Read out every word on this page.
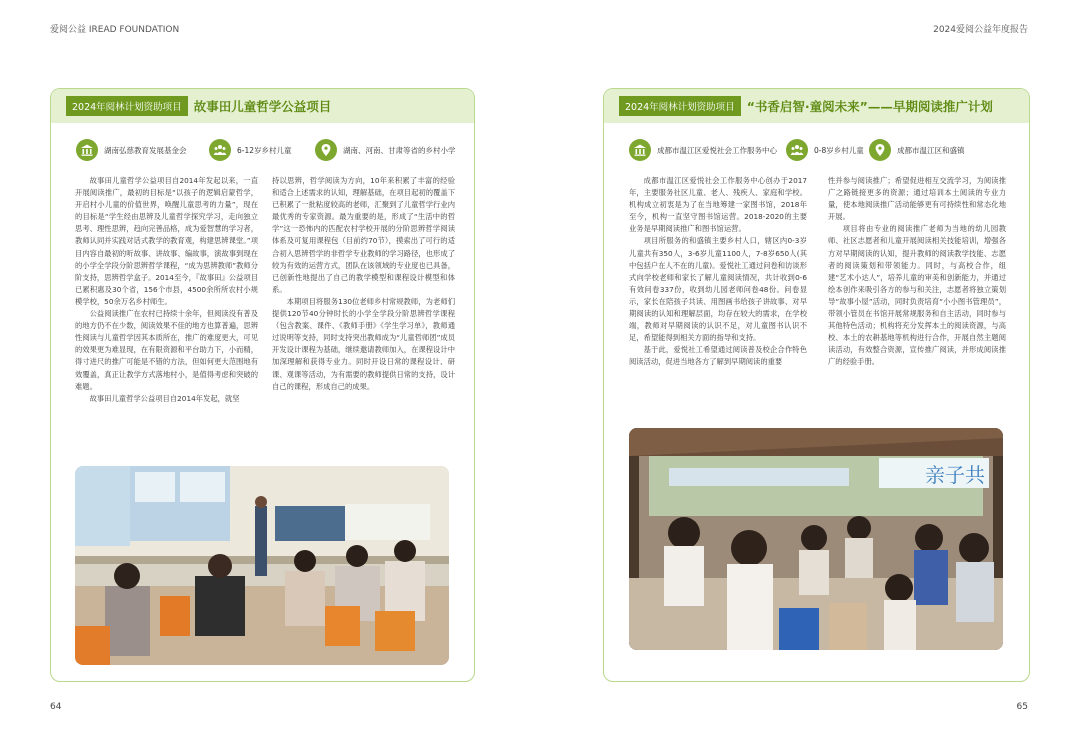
爱阅公益 IREAD FOUNDATION	2024爱阅公益年度报告
2024年阅林计划资助项目 故事田儿童哲学公益项目
湖南弘慈教育发展基金会	6-12岁乡村儿童	湖南、河南、甘肃等省的乡村小学

故事田儿童哲学公益项目自2014年发起以来，一直开展阅读推广，最初的目标是“以孩子的逻辑启蒙哲学，开启村小儿童的价值世界，唤醒儿童思考的力量”，现在的目标是“学生经由思辨及儿童哲学探究学习，走向独立思考、理性思辨，趋向完善品格，成为爱智慧的学习者，教师认同并实践对话式教学的教育观，构建思辨课堂。”项目内容自最初的听故事、讲故事、编故事，演故事到现在的小学全学段分阶思辨哲学课程，“成为思辨教师”教师分阶支持，思辨哲学盒子。2014至今，『故事田』公益项目已累积惠及30个省，156个市县，4500余所所农村小规模学校，50余万名乡村师生。

公益阅读推广在农村已持续十余年，但阅读没有普及的地方仍不在少数，阅读效果不佳的地方也算普遍，思辨性阅读与儿童哲学因其本质所在，推广的难度更大，可见的效果更为难显现，在有限资源和平台助力下，小而精，得寸进尺的推广可能是不错的方法，但如何更大范围地有效覆盖，真正让教学方式落地村小，是值得考虑和突破的难题。

故事田儿童哲学公益项目自2014年发起，就坚

持以思辨，哲学阅读为方向，10年来积累了丰富的经验和适合上述需求的认知，理解基础，在项目起初的覆盖下已积累了一批粘度较高的老师，汇聚到了儿童哲学行业内最优秀的专家资源。最为重要的是，形成了“生活中的哲学”这一恐怖内的匹配农村学校开展的分阶思辨哲学阅读体系及可复用课程包（目前约70节），摸索出了可行的适合初入思辨哲学的非哲学专业教师的学习路径，也形成了较为有效的运营方式，团队在该领域的专业度也已具备，已创新性地提出了自己的教学模型和课程设计模型和体系。

本期项目将服务130位老师乡村常规教师，为老师们提供120节40分钟时长的小学全学段分阶思辨哲学课程（包含教案、课件、《教师手册》《学生学习单》，教师通过说明等支持，同时支持突出教师成为“儿童哲师团”成员开发设计课程为基础，继续邀请教师加入，在课程设计中加深理解和获得专业力。同时开设日常的课程设计、研课、观课等活动，为有需要的教师提供日常的支持，设计自己的课程，形成自己的成果。

2024年阅林计划资助项目 “书香启智·童阅未来”——早期阅读推广计划
成都市温江区爱悦社会工作服务中心	0-8岁乡村儿童	成都市温江区和盛镇

成都市温江区爱悦社会工作服务中心创办于2017年，主要服务社区儿童、老人、残疾人、家庭和学校。机构成立初衷是为了在当地筹建一家图书馆，2018年至今，机构一直坚守图书馆运营。2018-2020的主要业务是早期阅读推广和图书馆运营。

项目所服务的和盛镇主要乡村人口，辖区内0-3岁儿童共有350人，3-6岁儿童1100人，7-8岁650人(其中包括户在人不在的儿童)。爱悦社工通过问卷和访谈形式向学校老师和家长了解儿童阅读情况，共计收到0-6有效问卷337份，收到幼儿园老师问卷48份。问卷显示，家长在陪孩子共读、用图画书给孩子讲故事、对早期阅读的认知和理解层面，均存在较大的需求，在学校端，教师对早期阅读的认识不足，对儿童图书认识不足，希望能得到相关方面的指导和支持。

基于此，爱悦社工希望通过阅读普及校企合作特色阅读活动，促进当地各方了解到早期阅读的重要

性并参与阅读推广；希望促进相互交流学习，为阅读推广之路链接更多的资源；通过培训本土阅读的专业力量，使本地阅读推广活动能够更有可持续性和常态化地开展。

项目将由专业的阅读推广老师为当地的幼儿园教师、社区志愿者和儿童开展阅读相关技能培训，增强各方对早期阅读的认知，提升教师的阅读教学技能、志愿者的阅读策划和带领能力。同时，与高校合作，组建“艺术小达人”，培养儿童的审美和创新能力，并通过绘本创作来吸引各方的参与和关注，志愿者将独立策划导“故事小屋”活动，同时负责培育“小小图书管理员”，带领小管员在书馆开展常规服务和自主活动，同时参与其他特色活动；机构将充分发挥本土的阅读资源，与高校、本土的农耕基地等机构进行合作，开展自然主题阅读活动，有效整合资源，宣传推广阅读，并形成阅读推广的经验手册。

亲子共
64	65
